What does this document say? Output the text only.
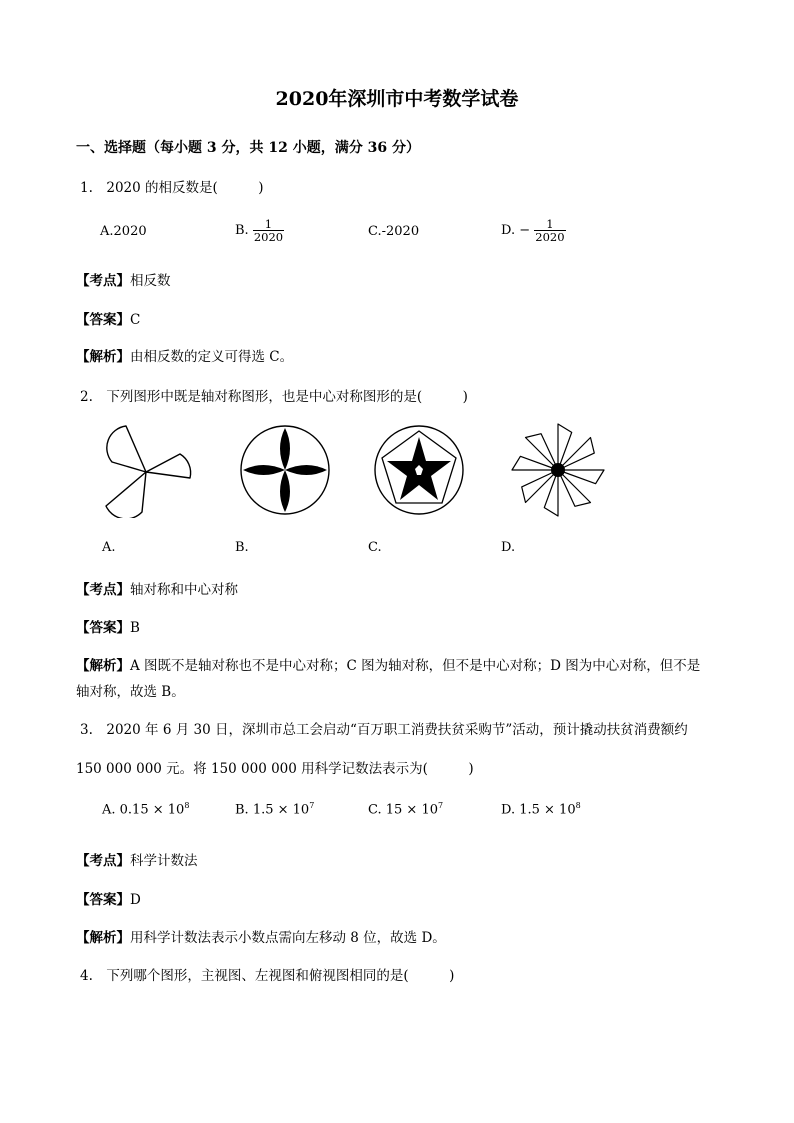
2020年深圳市中考数学试卷
一、选择题（每小题 3 分，共 12 小题，满分 36 分）
1.　2020 的相反数是(　　　)
A.2020	B. $\frac{1}{2020}$	C.-2020	D. − $\frac{1}{2020}$
【考点】相反数
【答案】C
【解析】由相反数的定义可得选 C。
2.　下列图形中既是轴对称图形，也是中心对称图形的是(　　　)
A.	B.	C.	D.
【考点】轴对称和中心对称
【答案】B
【解析】A 图既不是轴对称也不是中心对称；C 图为轴对称，但不是中心对称；D 图为中心对称，但不是
轴对称，故选 B。
3.　2020 年 6 月 30 日，深圳市总工会启动“百万职工消费扶贫采购节”活动，预计撬动扶贫消费额约
150 000 000 元。将 150 000 000 用科学记数法表示为(　　　)
A. $0.15 \times 10^8$	B. $1.5 \times 10^7$	C. $15 \times 10^7$	D. $1.5 \times 10^8$
【考点】科学计数法
【答案】D
【解析】用科学计数法表示小数点需向左移动 8 位，故选 D。
4.　下列哪个图形，主视图、左视图和俯视图相同的是(　　　)
